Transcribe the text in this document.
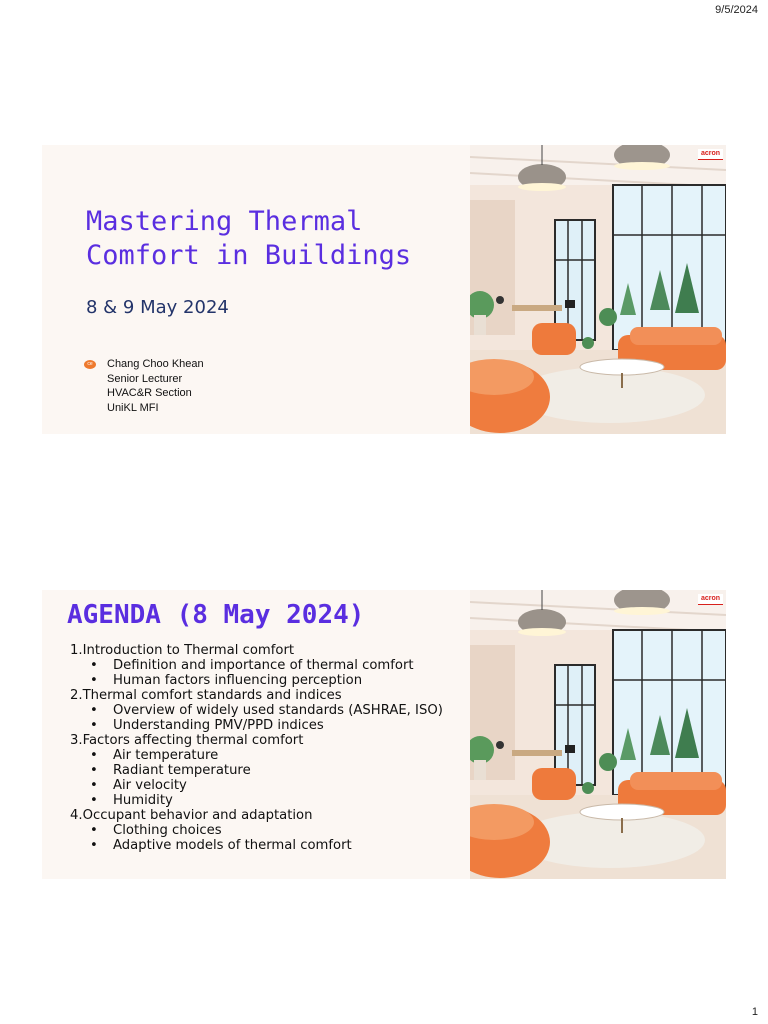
9/5/2024
Mastering Thermal
Comfort in Buildings
8 & 9 May 2024
ce	Chang Choo Khean
Senior Lecturer
HVAC&R Section
UniKL MFI
acron
AGENDA (8 May 2024)
1.Introduction to Thermal comfort
• Definition and importance of thermal comfort
• Human factors influencing perception
2.Thermal comfort standards and indices
• Overview of widely used standards (ASHRAE, ISO)
• Understanding PMV/PPD indices
3.Factors affecting thermal comfort
• Air temperature
• Radiant temperature
• Air velocity
• Humidity
4.Occupant behavior and adaptation
• Clothing choices
• Adaptive models of thermal comfort
acron
1
